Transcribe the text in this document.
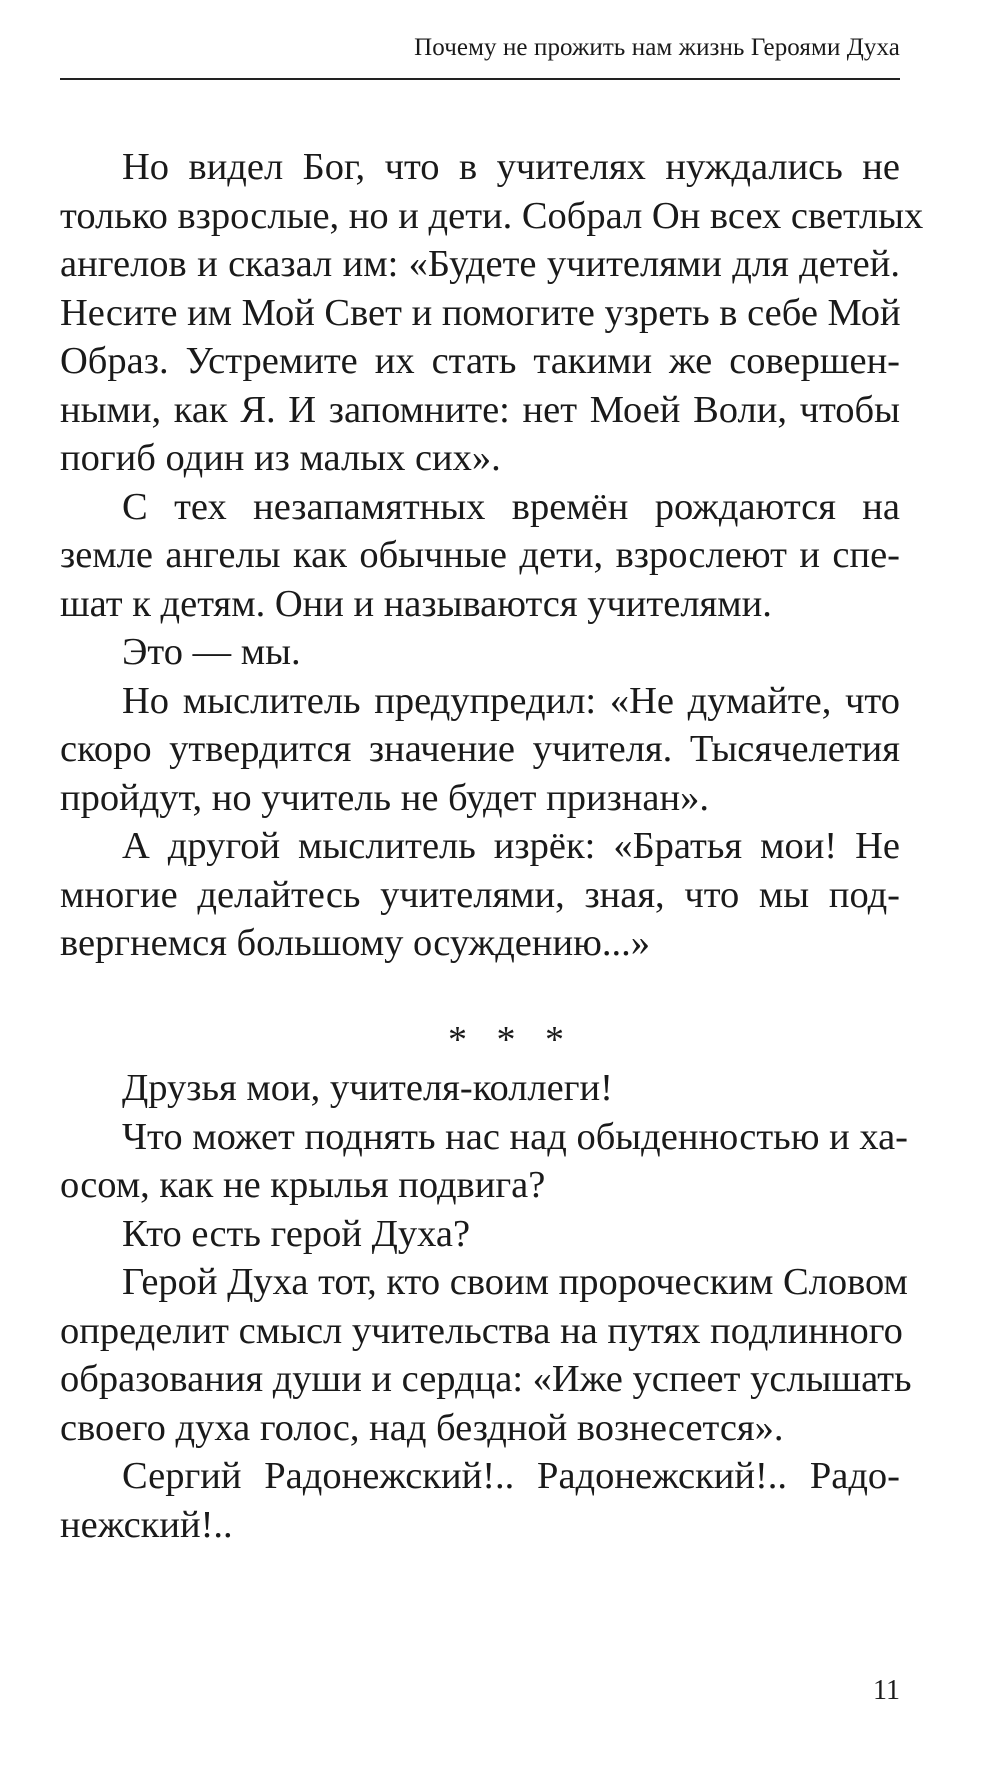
Почему не прожить нам жизнь Героями Духа
Но видел Бог, что в учителях нуждались не
только взрослые, но и дети. Собрал Он всех светлых
ангелов и сказал им: «Будете учителями для детей.
Несите им Мой Свет и помогите узреть в себе Мой
Образ. Устремите их стать такими же совершен-
ными, как Я. И запомните: нет Моей Воли, чтобы
погиб один из малых сих».
С тех незапамятных времён рождаются на
земле ангелы как обычные дети, взрослеют и спе-
шат к детям. Они и называются учителями.
Это — мы.
Но мыслитель предупредил: «Не думайте, что
скоро утвердится значение учителя. Тысячелетия
пройдут, но учитель не будет признан».
А другой мыслитель изрёк: «Братья мои! Не
многие делайтесь учителями, зная, что мы под-
вергнемся большому осуждению...»
* * *
Друзья мои, учителя-коллеги!
Что может поднять нас над обыденностью и ха-
осом, как не крылья подвига?
Кто есть герой Духа?
Герой Духа тот, кто своим пророческим Словом
определит смысл учительства на путях подлинного
образования души и сердца: «Иже успеет услышать
своего духа голос, над бездной вознесется».
Сергий Радонежский!.. Радонежский!.. Радо-
нежский!..
11
